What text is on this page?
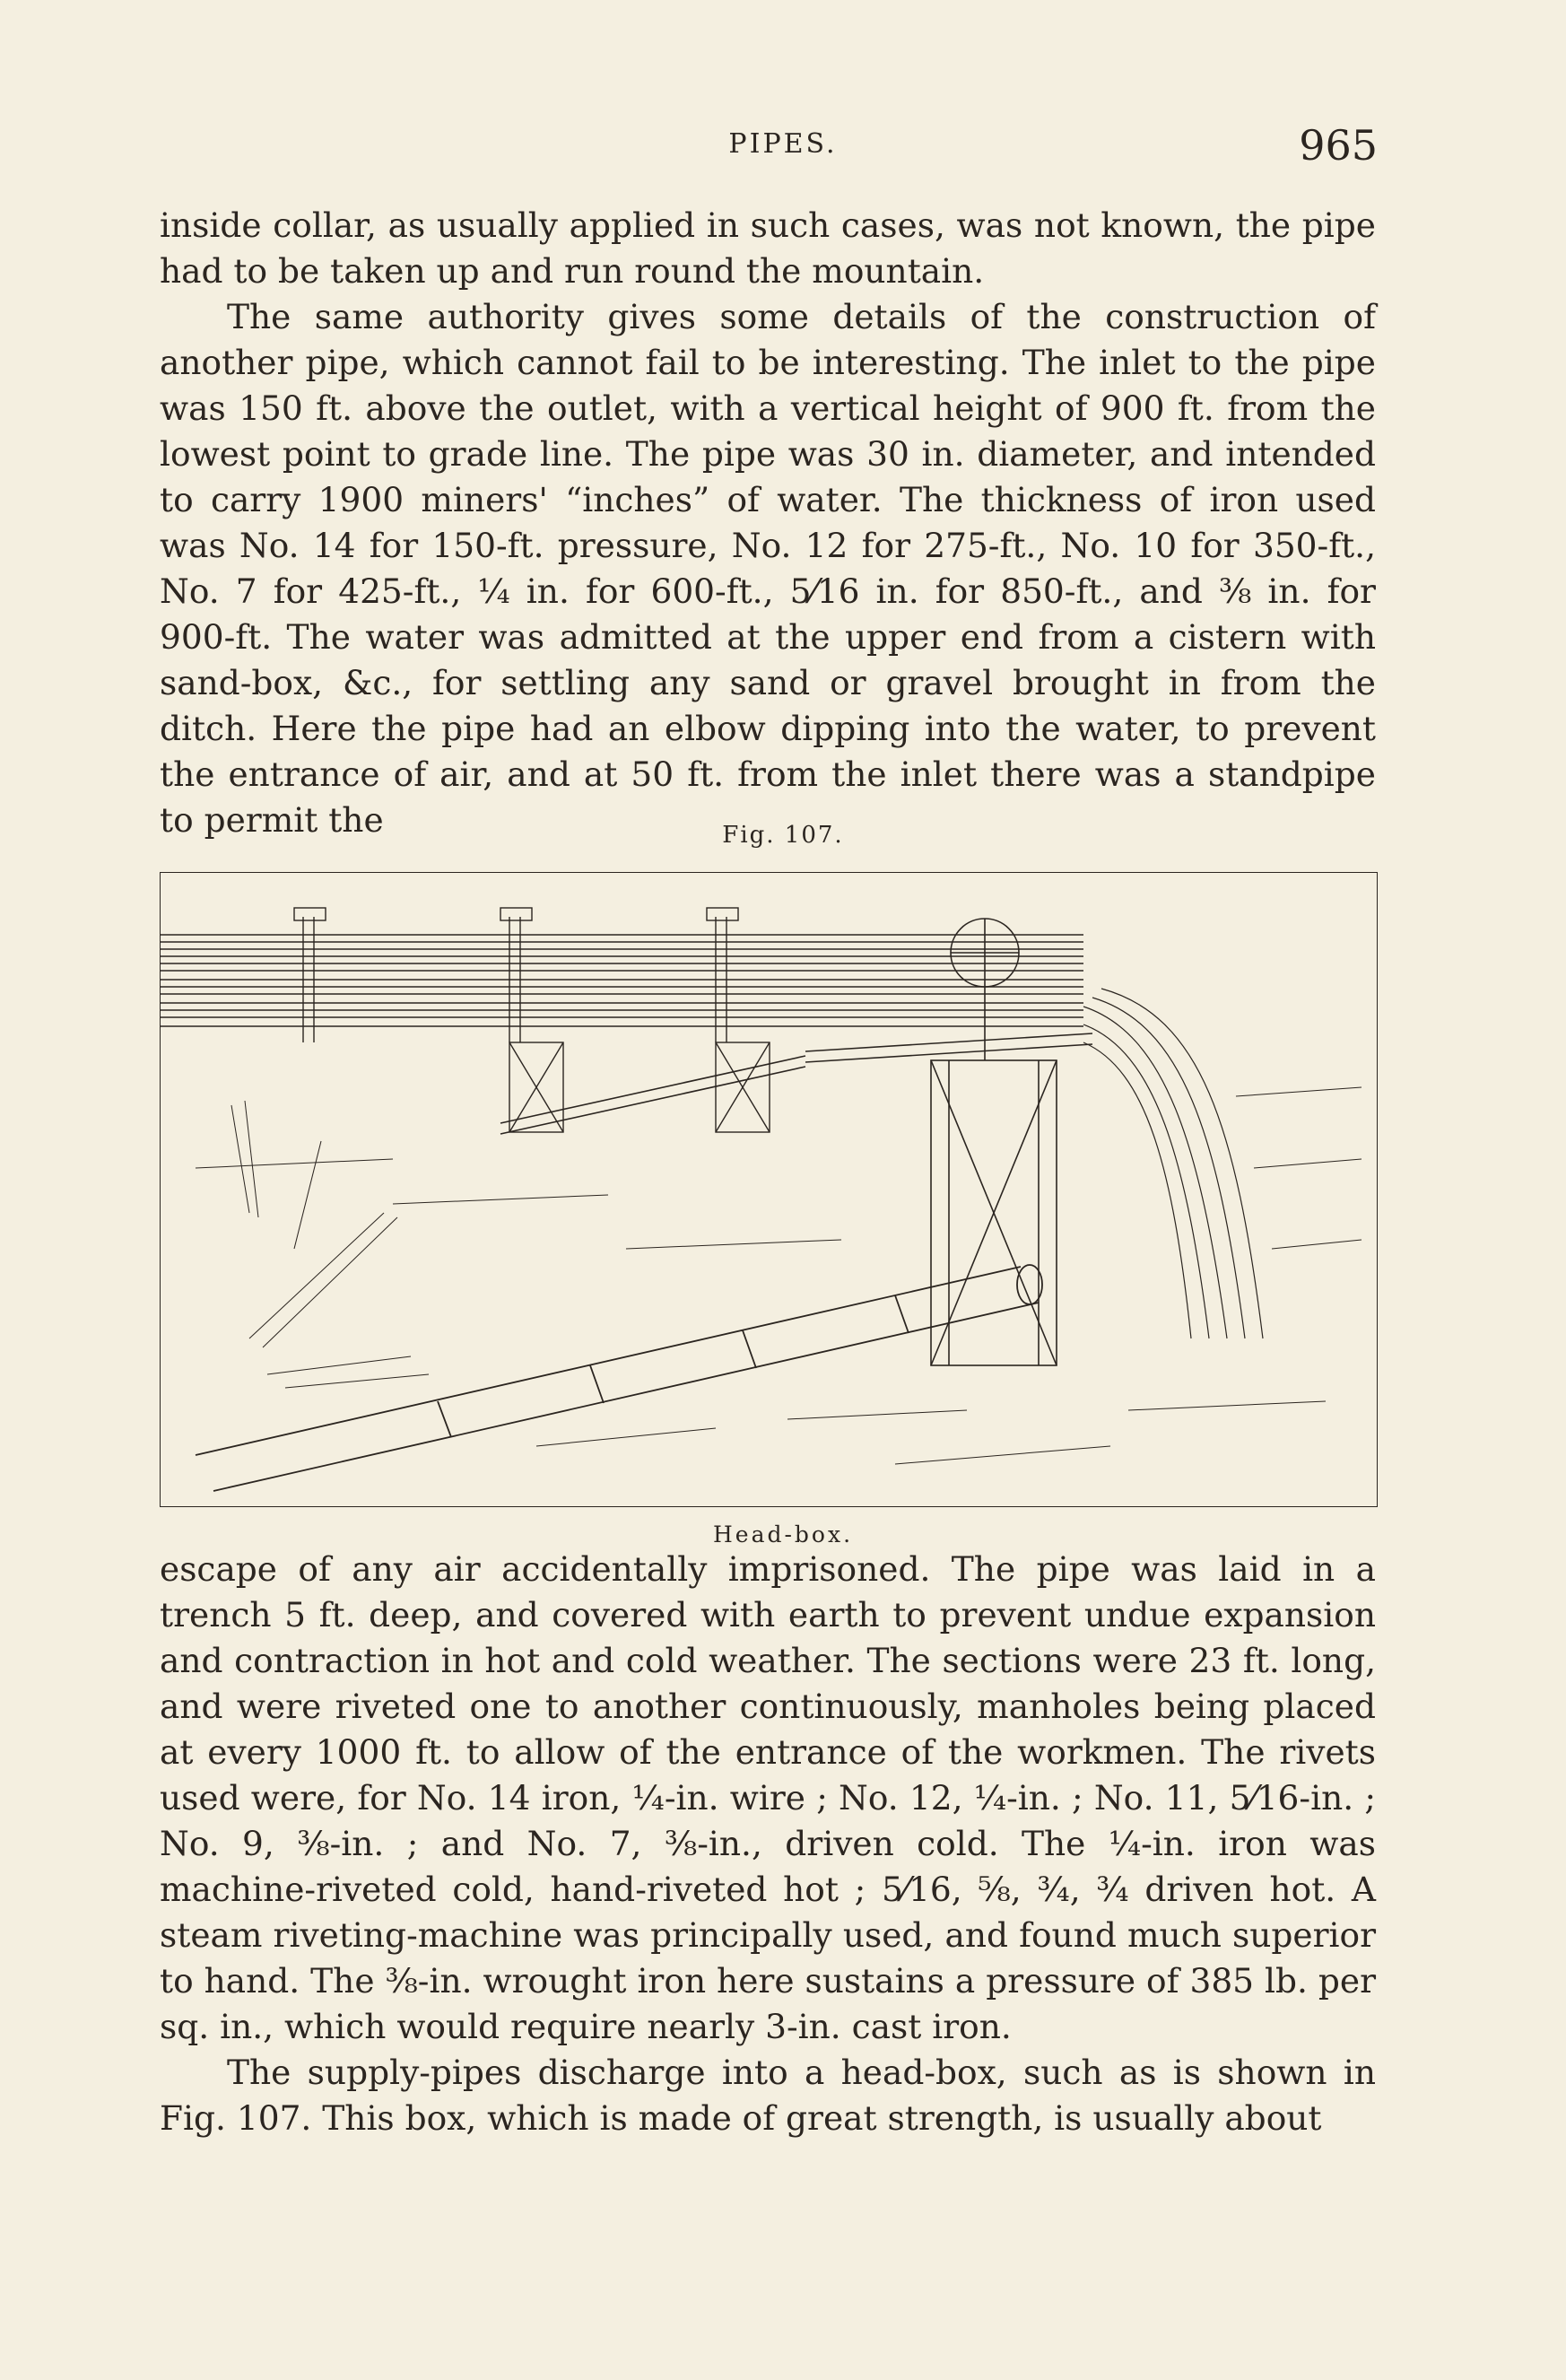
PIPES.	965

inside collar, as usually applied in such cases, was not known, the pipe had to be taken up and run round the mountain.

The same authority gives some details of the construction of another pipe, which cannot fail to be interesting. The inlet to the pipe was 150 ft. above the outlet, with a vertical height of 900 ft. from the lowest point to grade line. The pipe was 30 in. diameter, and intended to carry 1900 miners' “inches” of water. The thickness of iron used was No. 14 for 150-ft. pressure, No. 12 for 275-ft., No. 10 for 350-ft., No. 7 for 425-ft., ¼ in. for 600-ft., 5⁄16 in. for 850-ft., and ⅜ in. for 900-ft. The water was admitted at the upper end from a cistern with sand-box, &c., for settling any sand or gravel brought in from the ditch. Here the pipe had an elbow dipping into the water, to prevent the entrance of air, and at 50 ft. from the inlet there was a standpipe to permit the	Fig. 107.
Head-box.

escape of any air accidentally imprisoned. The pipe was laid in a trench 5 ft. deep, and covered with earth to prevent undue expansion and contraction in hot and cold weather. The sections were 23 ft. long, and were riveted one to another continuously, manholes being placed at every 1000 ft. to allow of the entrance of the workmen. The rivets used were, for No. 14 iron, ¼-in. wire ; No. 12, ¼-in. ; No. 11, 5⁄16-in. ; No. 9, ⅜-in. ; and No. 7, ⅜-in., driven cold. The ¼-in. iron was machine-riveted cold, hand-riveted hot ; 5⁄16, ⅝, ¾, ¾ driven hot. A steam riveting-machine was principally used, and found much superior to hand. The ⅜-in. wrought iron here sustains a pressure of 385 lb. per sq. in., which would require nearly 3-in. cast iron.

The supply-pipes discharge into a head-box, such as is shown in Fig. 107. This box, which is made of great strength, is usually about
